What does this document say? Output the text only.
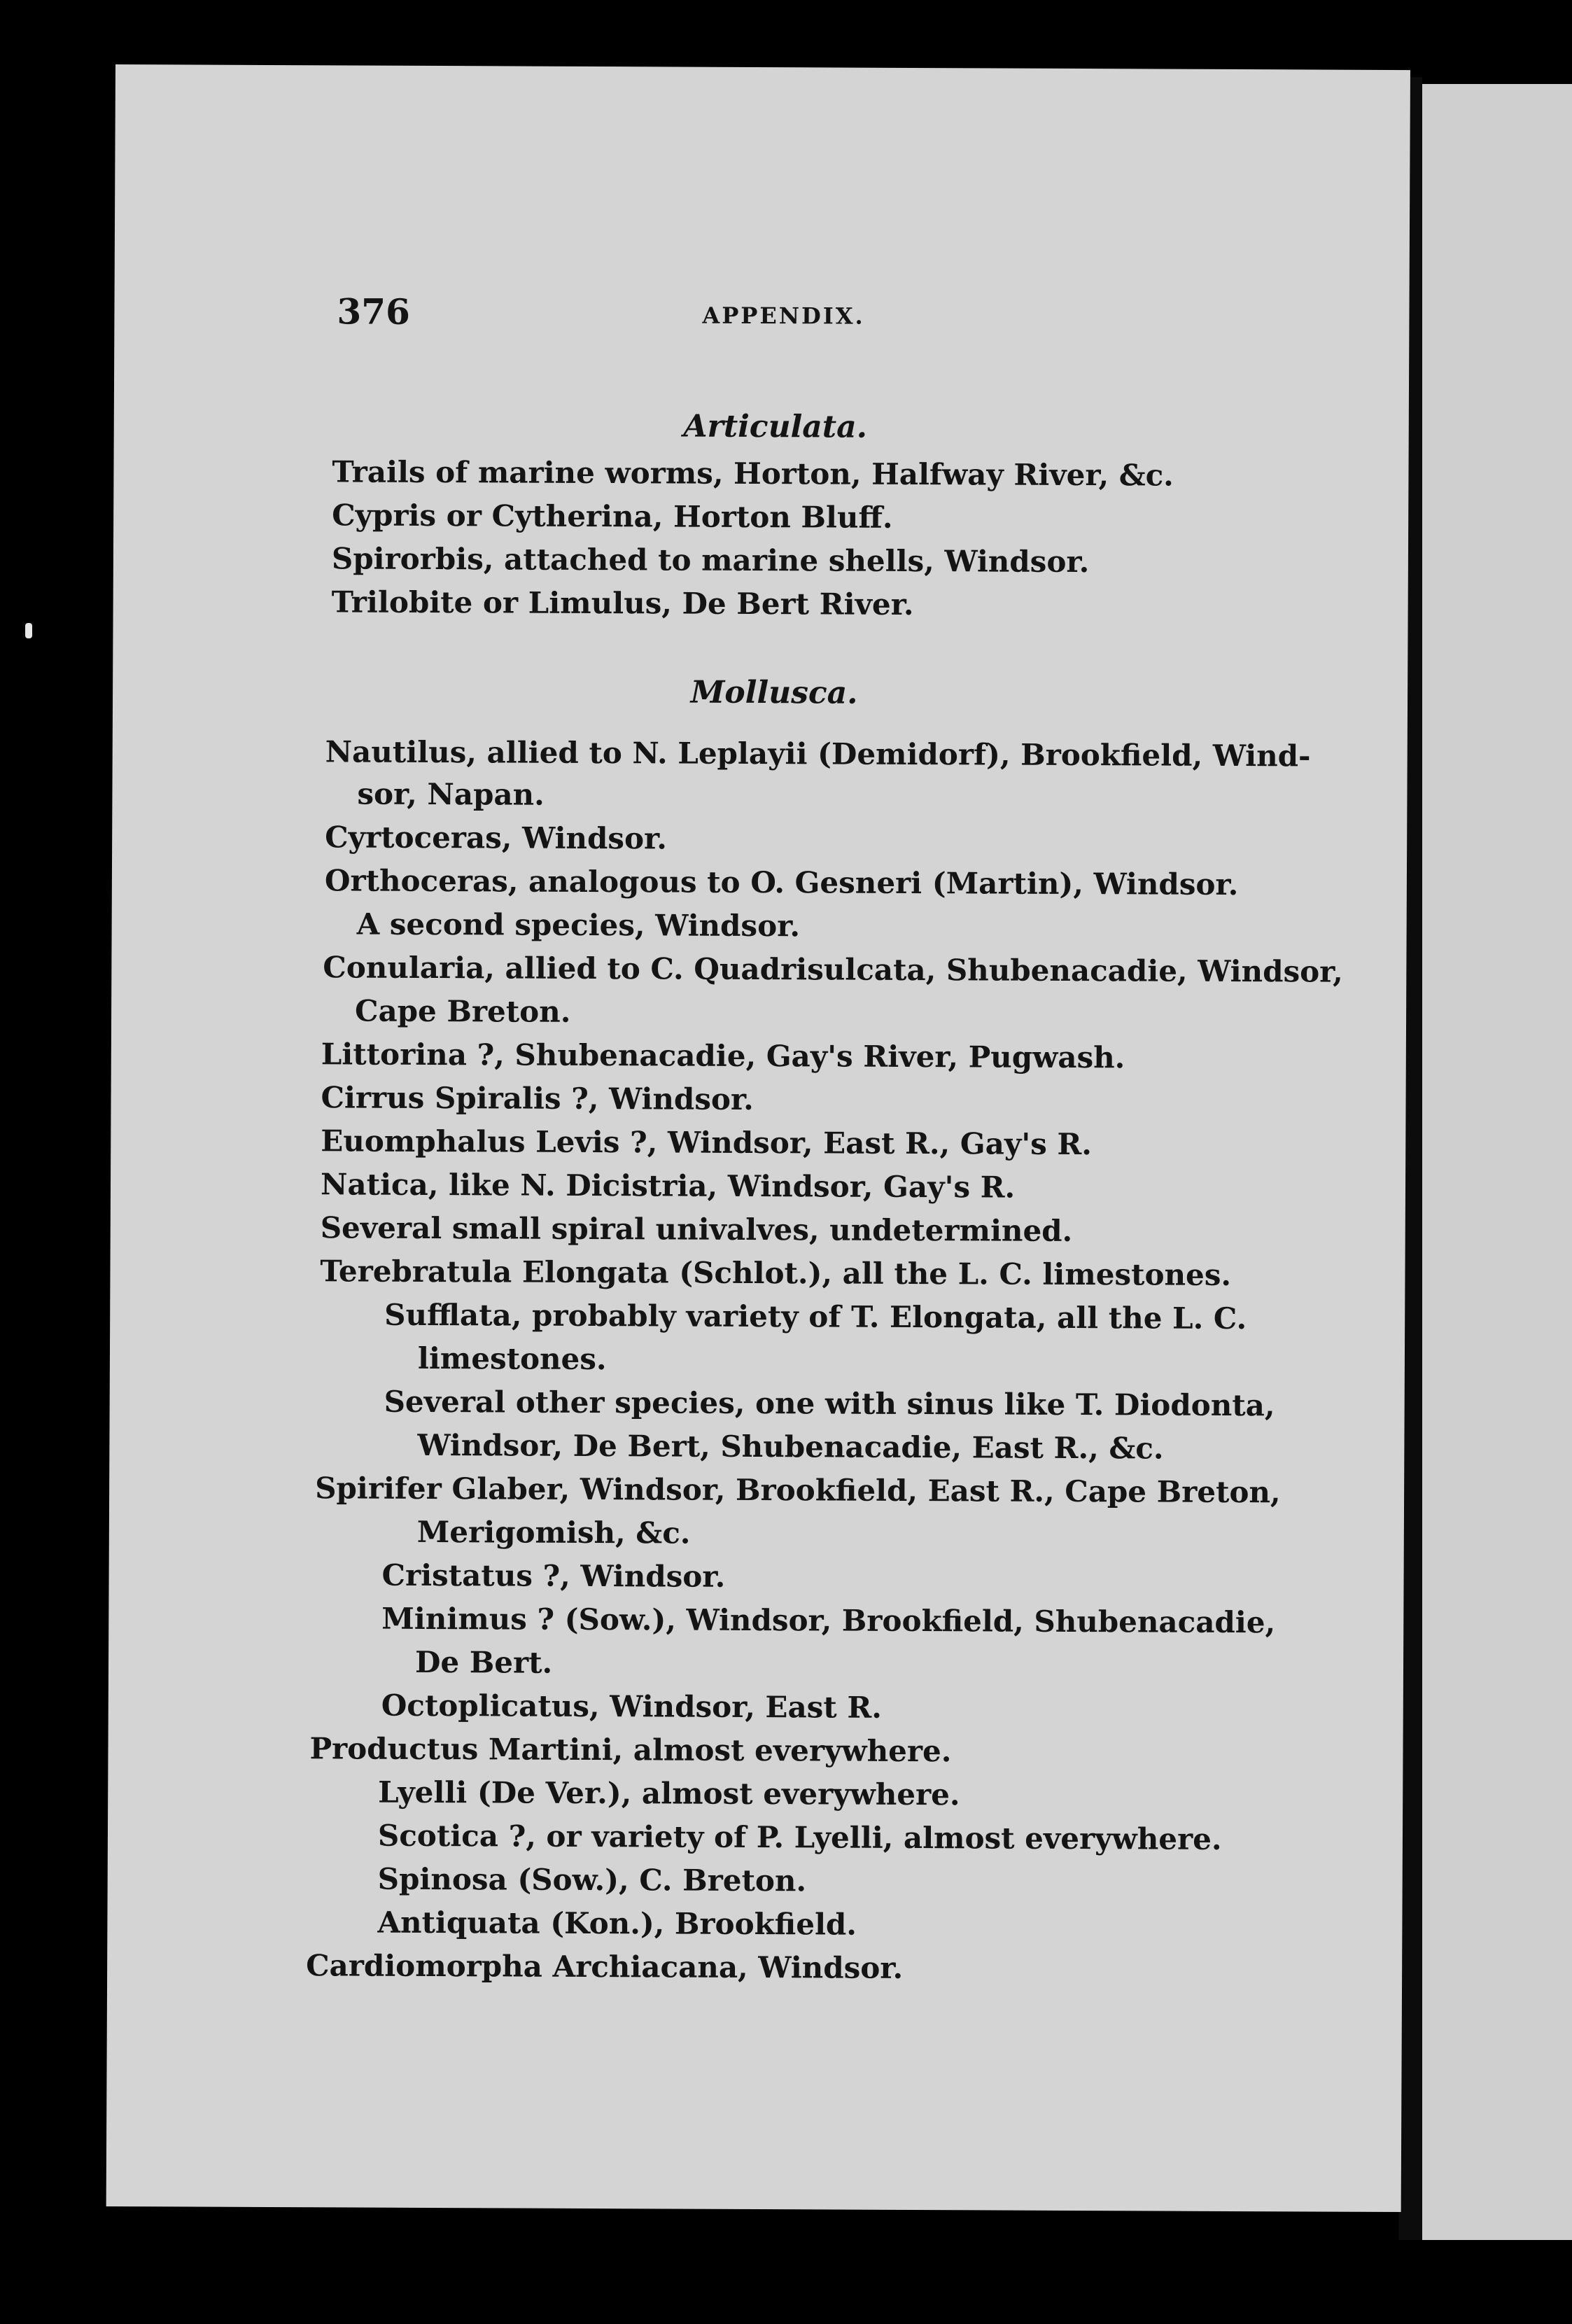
376	APPENDIX.
Articulata.
Trails of marine worms, Horton, Halfway River, &c.
Cypris or Cytherina, Horton Bluff.
Spirorbis, attached to marine shells, Windsor.
Trilobite or Limulus, De Bert River.
Mollusca.
Nautilus, allied to N. Leplayii (Demidorf), Brookfield, Wind-
sor, Napan.
Cyrtoceras, Windsor.
Orthoceras, analogous to O. Gesneri (Martin), Windsor.
A second species, Windsor.
Conularia, allied to C. Quadrisulcata, Shubenacadie, Windsor,
Cape Breton.
Littorina ?, Shubenacadie, Gay's River, Pugwash.
Cirrus Spiralis ?, Windsor.
Euomphalus Levis ?, Windsor, East R., Gay's R.
Natica, like N. Dicistria, Windsor, Gay's R.
Several small spiral univalves, undetermined.
Terebratula Elongata (Schlot.), all the L. C. limestones.
Sufflata, probably variety of T. Elongata, all the L. C.
limestones.
Several other species, one with sinus like T. Diodonta,
Windsor, De Bert, Shubenacadie, East R., &c.
Spirifer Glaber, Windsor, Brookfield, East R., Cape Breton,
Merigomish, &c.
Cristatus ?, Windsor.
Minimus ? (Sow.), Windsor, Brookfield, Shubenacadie,
De Bert.
Octoplicatus, Windsor, East R.
Productus Martini, almost everywhere.
Lyelli (De Ver.), almost everywhere.
Scotica ?, or variety of P. Lyelli, almost everywhere.
Spinosa (Sow.), C. Breton.
Antiquata (Kon.), Brookfield.
Cardiomorpha Archiacana, Windsor.
